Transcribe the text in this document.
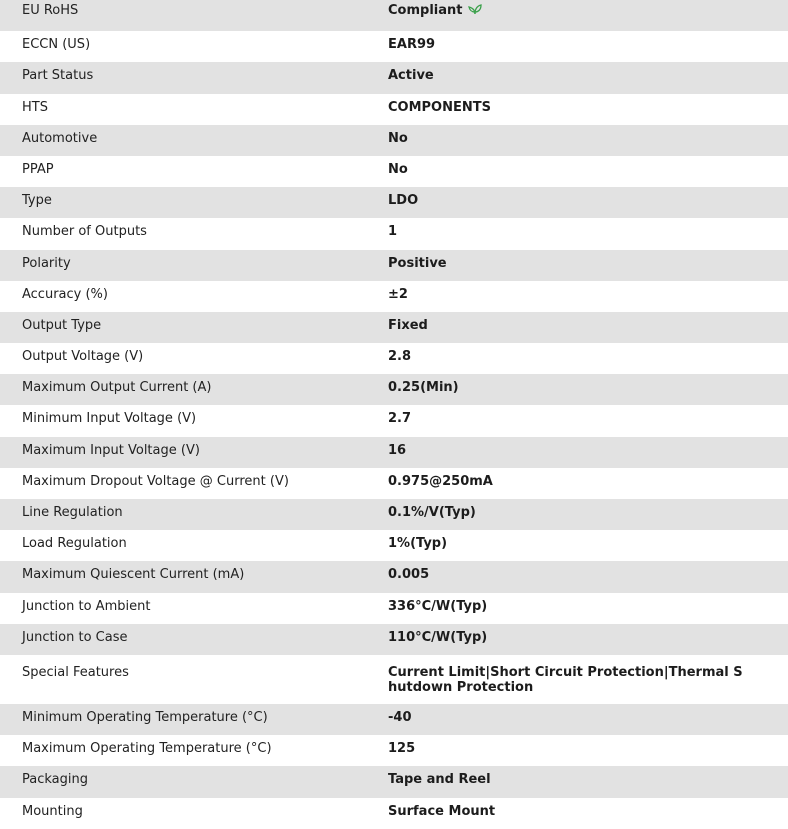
EU RoHS	Compliant
ECCN (US)	EAR99
Part Status	Active
HTS	COMPONENTS
Automotive	No
PPAP	No
Type	LDO
Number of Outputs	1
Polarity	Positive
Accuracy (%)	±2
Output Type	Fixed
Output Voltage (V)	2.8
Maximum Output Current (A)	0.25(Min)
Minimum Input Voltage (V)	2.7
Maximum Input Voltage (V)	16
Maximum Dropout Voltage @ Current (V)	0.975@250mA
Line Regulation	0.1%/V(Typ)
Load Regulation	1%(Typ)
Maximum Quiescent Current (mA)	0.005
Junction to Ambient	336°C/W(Typ)
Junction to Case	110°C/W(Typ)
Special Features	Current Limit|Short Circuit Protection|Thermal Shutdown Protection
Minimum Operating Temperature (°C)	-40
Maximum Operating Temperature (°C)	125
Packaging	Tape and Reel
Mounting	Surface Mount
